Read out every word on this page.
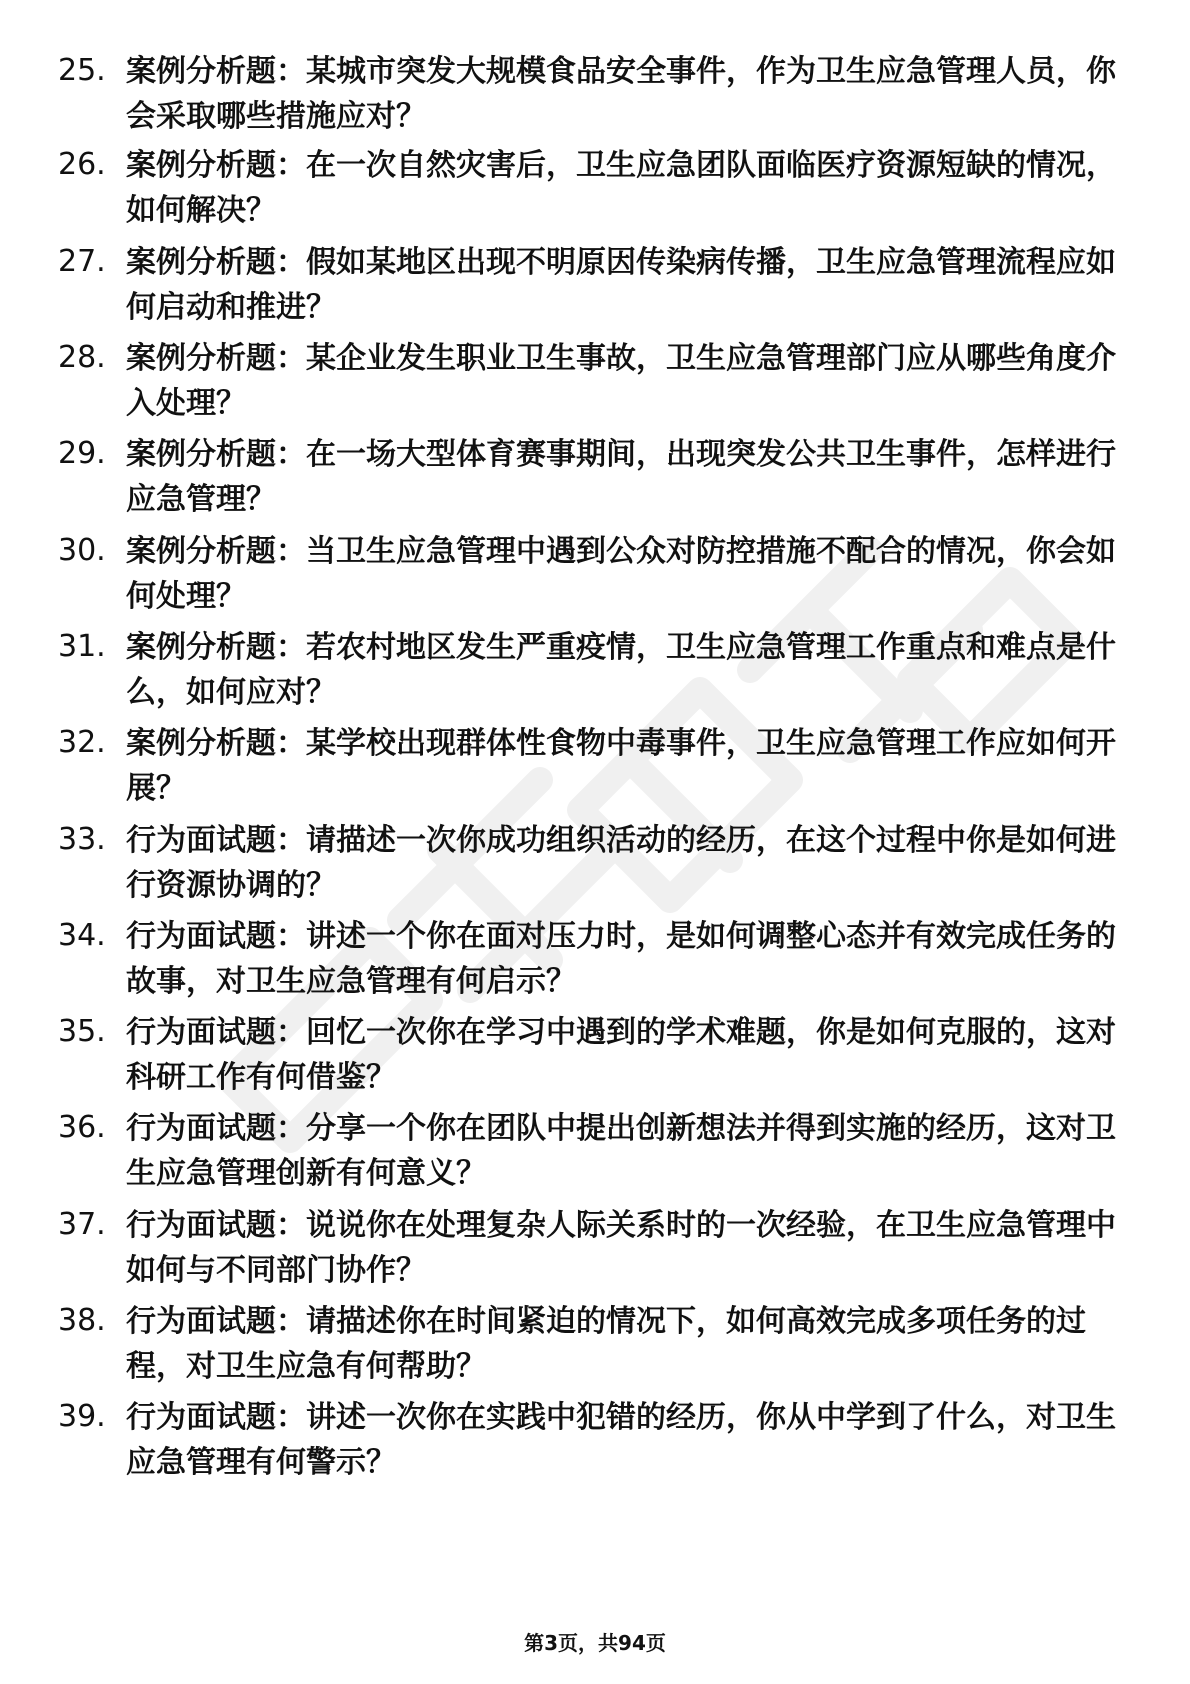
25. 案例分析题：某城市突发大规模食品安全事件，作为卫生应急管理人员，你会采取哪些措施应对？
26. 案例分析题：在一次自然灾害后，卫生应急团队面临医疗资源短缺的情况，如何解决？
27. 案例分析题：假如某地区出现不明原因传染病传播，卫生应急管理流程应如何启动和推进？
28. 案例分析题：某企业发生职业卫生事故，卫生应急管理部门应从哪些角度介入处理？
29. 案例分析题：在一场大型体育赛事期间，出现突发公共卫生事件，怎样进行应急管理？
30. 案例分析题：当卫生应急管理中遇到公众对防控措施不配合的情况，你会如何处理？
31. 案例分析题：若农村地区发生严重疫情，卫生应急管理工作重点和难点是什么，如何应对？
32. 案例分析题：某学校出现群体性食物中毒事件，卫生应急管理工作应如何开展？
33. 行为面试题：请描述一次你成功组织活动的经历，在这个过程中你是如何进行资源协调的？
34. 行为面试题：讲述一个你在面对压力时，是如何调整心态并有效完成任务的故事，对卫生应急管理有何启示？
35. 行为面试题：回忆一次你在学习中遇到的学术难题，你是如何克服的，这对科研工作有何借鉴？
36. 行为面试题：分享一个你在团队中提出创新想法并得到实施的经历，这对卫生应急管理创新有何意义？
37. 行为面试题：说说你在处理复杂人际关系时的一次经验，在卫生应急管理中如何与不同部门协作？
38. 行为面试题：请描述你在时间紧迫的情况下，如何高效完成多项任务的过程，对卫生应急有何帮助？
39. 行为面试题：讲述一次你在实践中犯错的经历，你从中学到了什么，对卫生应急管理有何警示？
第3页，共94页
